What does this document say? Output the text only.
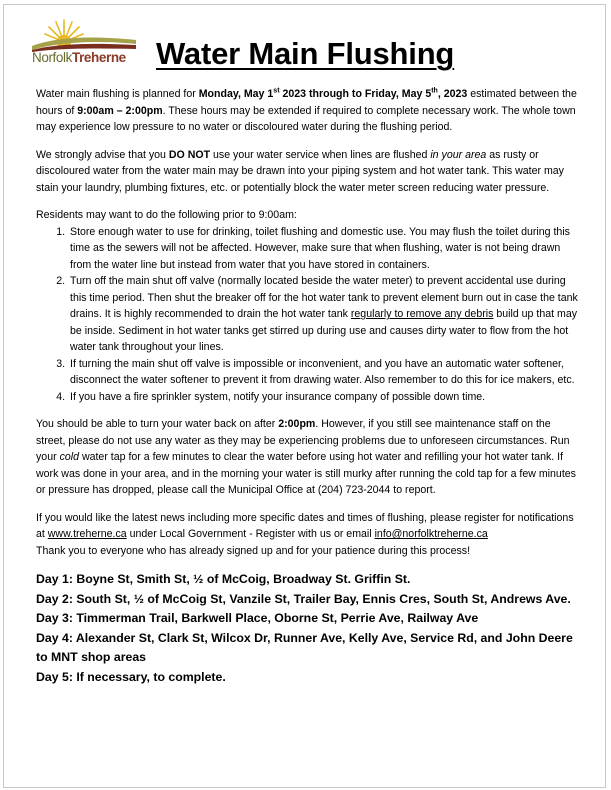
NorfolkTreherne Water Main Flushing

Water main flushing is planned for Monday, May 1st 2023 through to Friday, May 5th, 2023 estimated between the hours of 9:00am – 2:00pm. These hours may be extended if required to complete necessary work. The whole town may experience low pressure to no water or discoloured water during the flushing period.

We strongly advise that you DO NOT use your water service when lines are flushed in your area as rusty or discoloured water from the water main may be drawn into your piping system and hot water tank. This water may stain your laundry, plumbing fixtures, etc. or potentially block the water meter screen reducing water pressure.

Residents may want to do the following prior to 9:00am:
1. Store enough water to use for drinking, toilet flushing and domestic use. You may flush the toilet during this time as the sewers will not be affected. However, make sure that when flushing, water is not being drawn from the water line but instead from water that you have stored in containers.
2. Turn off the main shut off valve (normally located beside the water meter) to prevent accidental use during this time period. Then shut the breaker off for the hot water tank to prevent element burn out in case the tank drains. It is highly recommended to drain the hot water tank regularly to remove any debris build up that may be inside. Sediment in hot water tanks get stirred up during use and causes dirty water to flow from the hot water tank throughout your lines.
3. If turning the main shut off valve is impossible or inconvenient, and you have an automatic water softener, disconnect the water softener to prevent it from drawing water. Also remember to do this for ice makers, etc.
4. If you have a fire sprinkler system, notify your insurance company of possible down time.

You should be able to turn your water back on after 2:00pm. However, if you still see maintenance staff on the street, please do not use any water as they may be experiencing problems due to unforeseen circumstances. Run your cold water tap for a few minutes to clear the water before using hot water and refilling your hot water tank. If work was done in your area, and in the morning your water is still murky after running the cold tap for a few minutes or pressure has dropped, please call the Municipal Office at (204) 723-2044 to report.

If you would like the latest news including more specific dates and times of flushing, please register for notifications at www.treherne.ca under Local Government - Register with us or email info@norfolktreherne.ca
Thank you to everyone who has already signed up and for your patience during this process!

Day 1: Boyne St, Smith St, ½ of McCoig, Broadway St. Griffin St.
Day 2: South St, ½ of McCoig St, Vanzile St, Trailer Bay, Ennis Cres, South St, Andrews Ave.
Day 3: Timmerman Trail, Barkwell Place, Oborne St, Perrie Ave, Railway Ave
Day 4: Alexander St, Clark St, Wilcox Dr, Runner Ave, Kelly Ave, Service Rd, and John Deere to MNT shop areas
Day 5: If necessary, to complete.
